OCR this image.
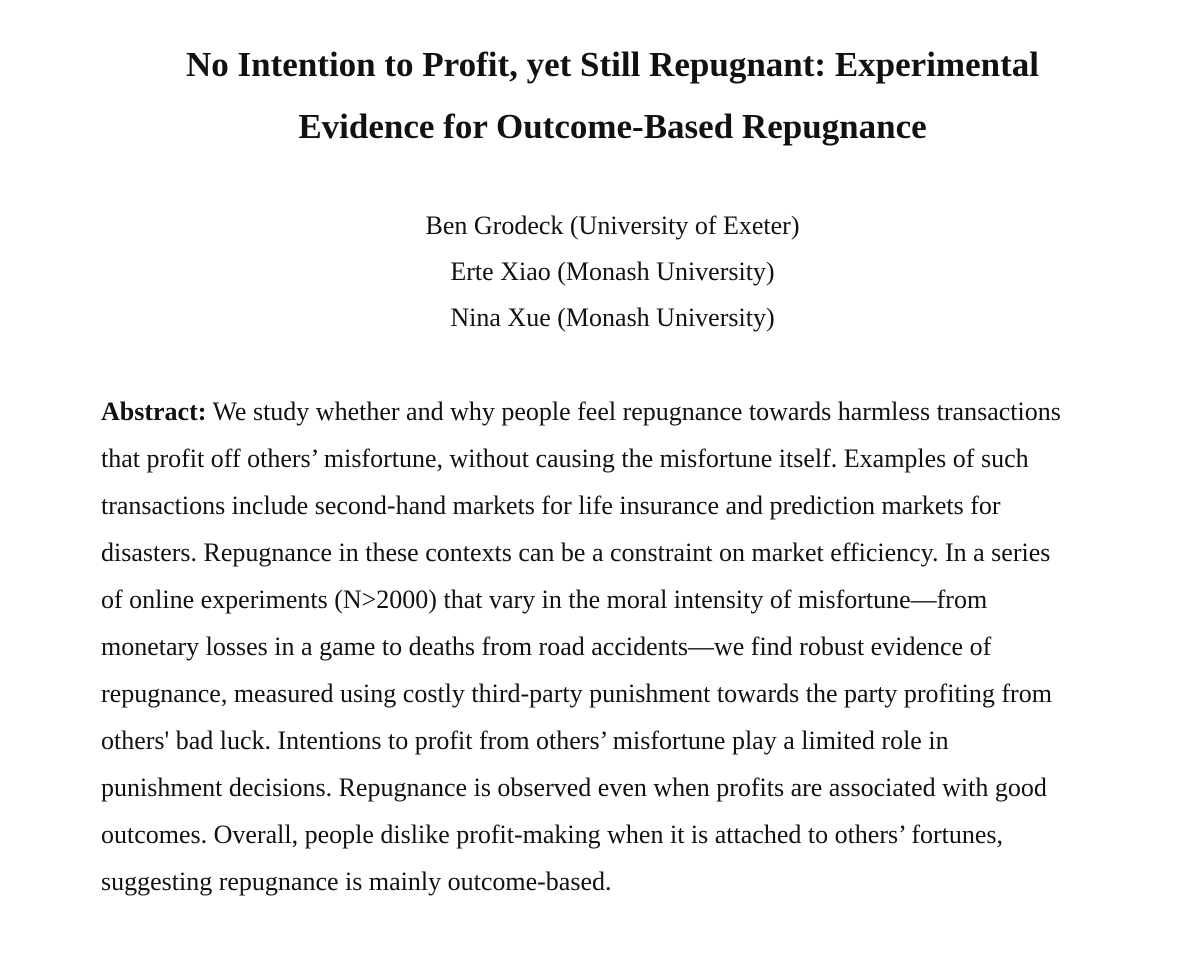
No Intention to Profit, yet Still Repugnant: Experimental
Evidence for Outcome-Based Repugnance
Ben Grodeck (University of Exeter)
Erte Xiao (Monash University)
Nina Xue (Monash University)
Abstract: We study whether and why people feel repugnance towards harmless transactions
that profit off others’ misfortune, without causing the misfortune itself. Examples of such
transactions include second-hand markets for life insurance and prediction markets for
disasters. Repugnance in these contexts can be a constraint on market efficiency. In a series
of online experiments (N>2000) that vary in the moral intensity of misfortune—from
monetary losses in a game to deaths from road accidents—we find robust evidence of
repugnance, measured using costly third-party punishment towards the party profiting from
others' bad luck. Intentions to profit from others’ misfortune play a limited role in
punishment decisions. Repugnance is observed even when profits are associated with good
outcomes. Overall, people dislike profit-making when it is attached to others’ fortunes,
suggesting repugnance is mainly outcome-based.
